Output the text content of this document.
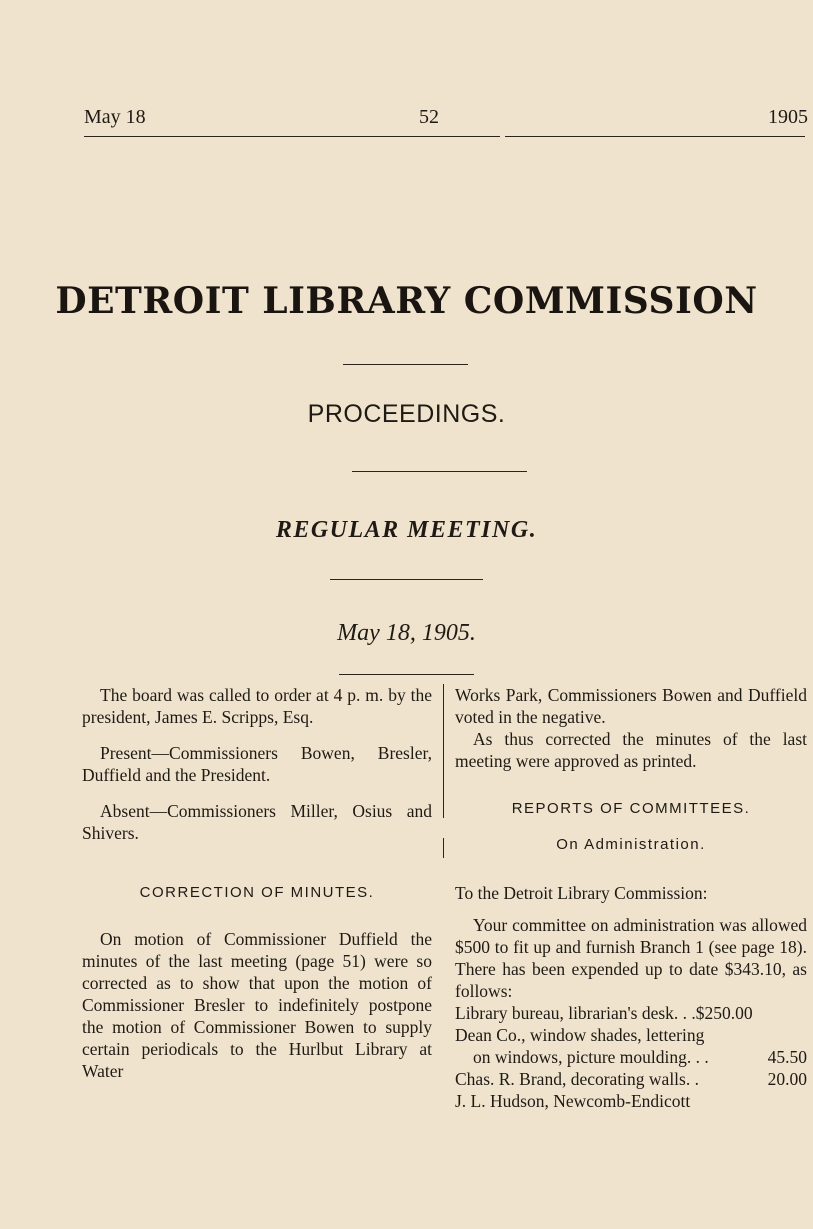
May 18	52	1905
DETROIT LIBRARY COMMISSION
PROCEEDINGS.
REGULAR MEETING.
May 18, 1905.

The board was called to order at 4 p. m. by the president, James E. Scripps, Esq.

Present—Commissioners Bowen, Bresler, Duffield and the President.

Absent—Commissioners Miller, Osius and Shivers.

CORRECTION OF MINUTES.

On motion of Commissioner Duffield the minutes of the last meeting (page 51) were so corrected as to show that upon the motion of Commissioner Bresler to indefinitely postpone the motion of Commissioner Bowen to supply certain periodicals to the Hurlbut Library at Water

Works Park, Commissioners Bowen and Duffield voted in the negative.

As thus corrected the minutes of the last meeting were approved as printed.

REPORTS OF COMMITTEES.
On Administration.

To the Detroit Library Commission:

Your committee on administration was allowed $500 to fit up and furnish Branch 1 (see page 18). There has been expended up to date $343.10, as follows:

Library bureau, librarian's desk. . .$250.00

Dean Co., window shades, lettering

on windows, picture moulding. . .	45.50
Chas. R. Brand, decorating walls. .	20.00

J. L. Hudson, Newcomb-Endicott
